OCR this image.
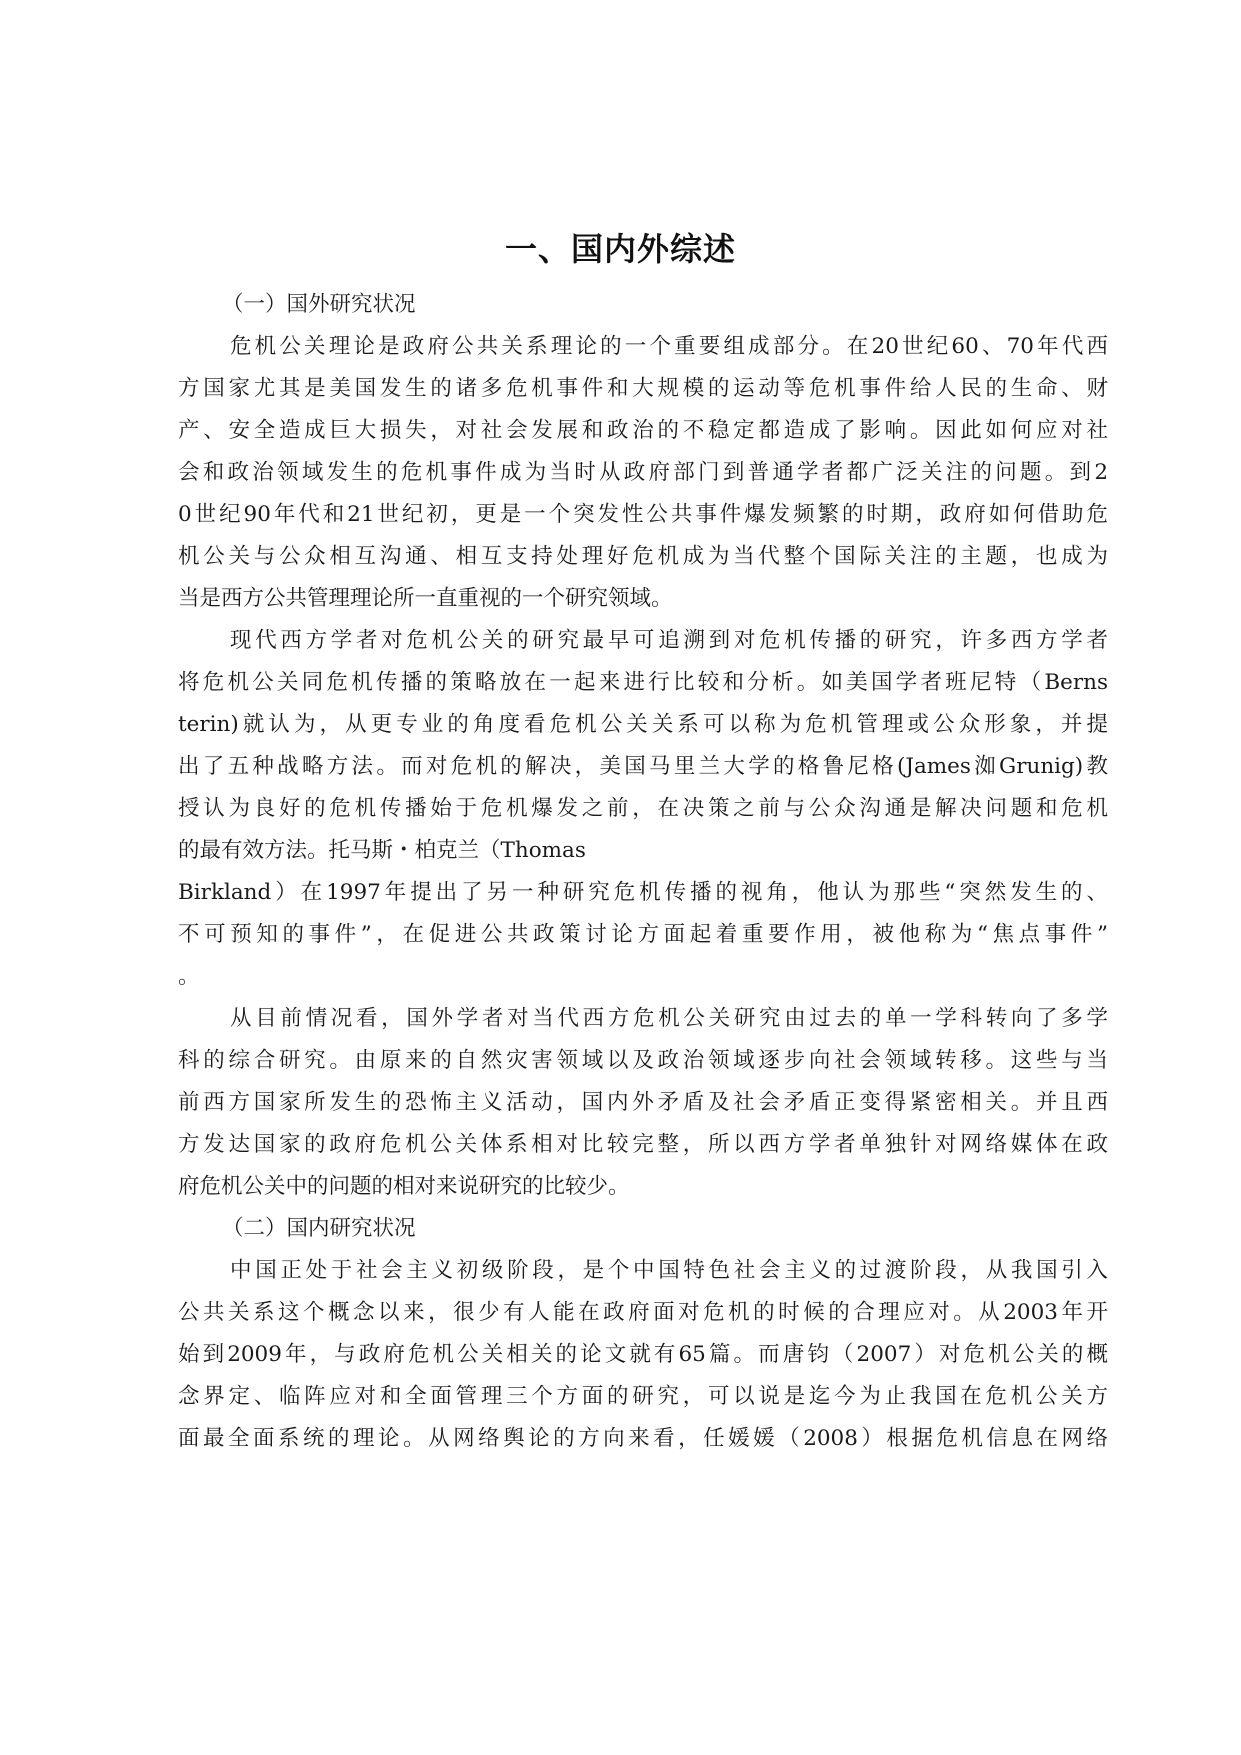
一、国内外综述
（一）国外研究状况
危机公关理论是政府公共关系理论的一个重要组成部分。在20世纪60、70年代西
方国家尤其是美国发生的诸多危机事件和大规模的运动等危机事件给人民的生命、财
产、安全造成巨大损失，对社会发展和政治的不稳定都造成了影响。因此如何应对社
会和政治领域发生的危机事件成为当时从政府部门到普通学者都广泛关注的问题。到2
0世纪90年代和21世纪初，更是一个突发性公共事件爆发频繁的时期，政府如何借助危
机公关与公众相互沟通、相互支持处理好危机成为当代整个国际关注的主题，也成为
当是西方公共管理理论所一直重视的一个研究领域。
现代西方学者对危机公关的研究最早可追溯到对危机传播的研究，许多西方学者
将危机公关同危机传播的策略放在一起来进行比较和分析。如美国学者班尼特（Berns
terin)就认为，从更专业的角度看危机公关关系可以称为危机管理或公众形象，并提
出了五种战略方法。而对危机的解决，美国马里兰大学的格鲁尼格(James洳Grunig)教
授认为良好的危机传播始于危机爆发之前，在决策之前与公众沟通是解决问题和危机
的最有效方法。托马斯・柏克兰（Thomas
Birkland）在1997年提出了另一种研究危机传播的视角，他认为那些“突然发生的、
不可预知的事件”，在促进公共政策讨论方面起着重要作用，被他称为“焦点事件”
。
从目前情况看，国外学者对当代西方危机公关研究由过去的单一学科转向了多学
科的综合研究。由原来的自然灾害领域以及政治领域逐步向社会领域转移。这些与当
前西方国家所发生的恐怖主义活动，国内外矛盾及社会矛盾正变得紧密相关。并且西
方发达国家的政府危机公关体系相对比较完整，所以西方学者单独针对网络媒体在政
府危机公关中的问题的相对来说研究的比较少。
（二）国内研究状况
中国正处于社会主义初级阶段，是个中国特色社会主义的过渡阶段，从我国引入
公共关系这个概念以来，很少有人能在政府面对危机的时候的合理应对。从2003年开
始到2009年，与政府危机公关相关的论文就有65篇。而唐钧（2007）对危机公关的概
念界定、临阵应对和全面管理三个方面的研究，可以说是迄今为止我国在危机公关方
面最全面系统的理论。从网络舆论的方向来看，任媛媛（2008）根据危机信息在网络
